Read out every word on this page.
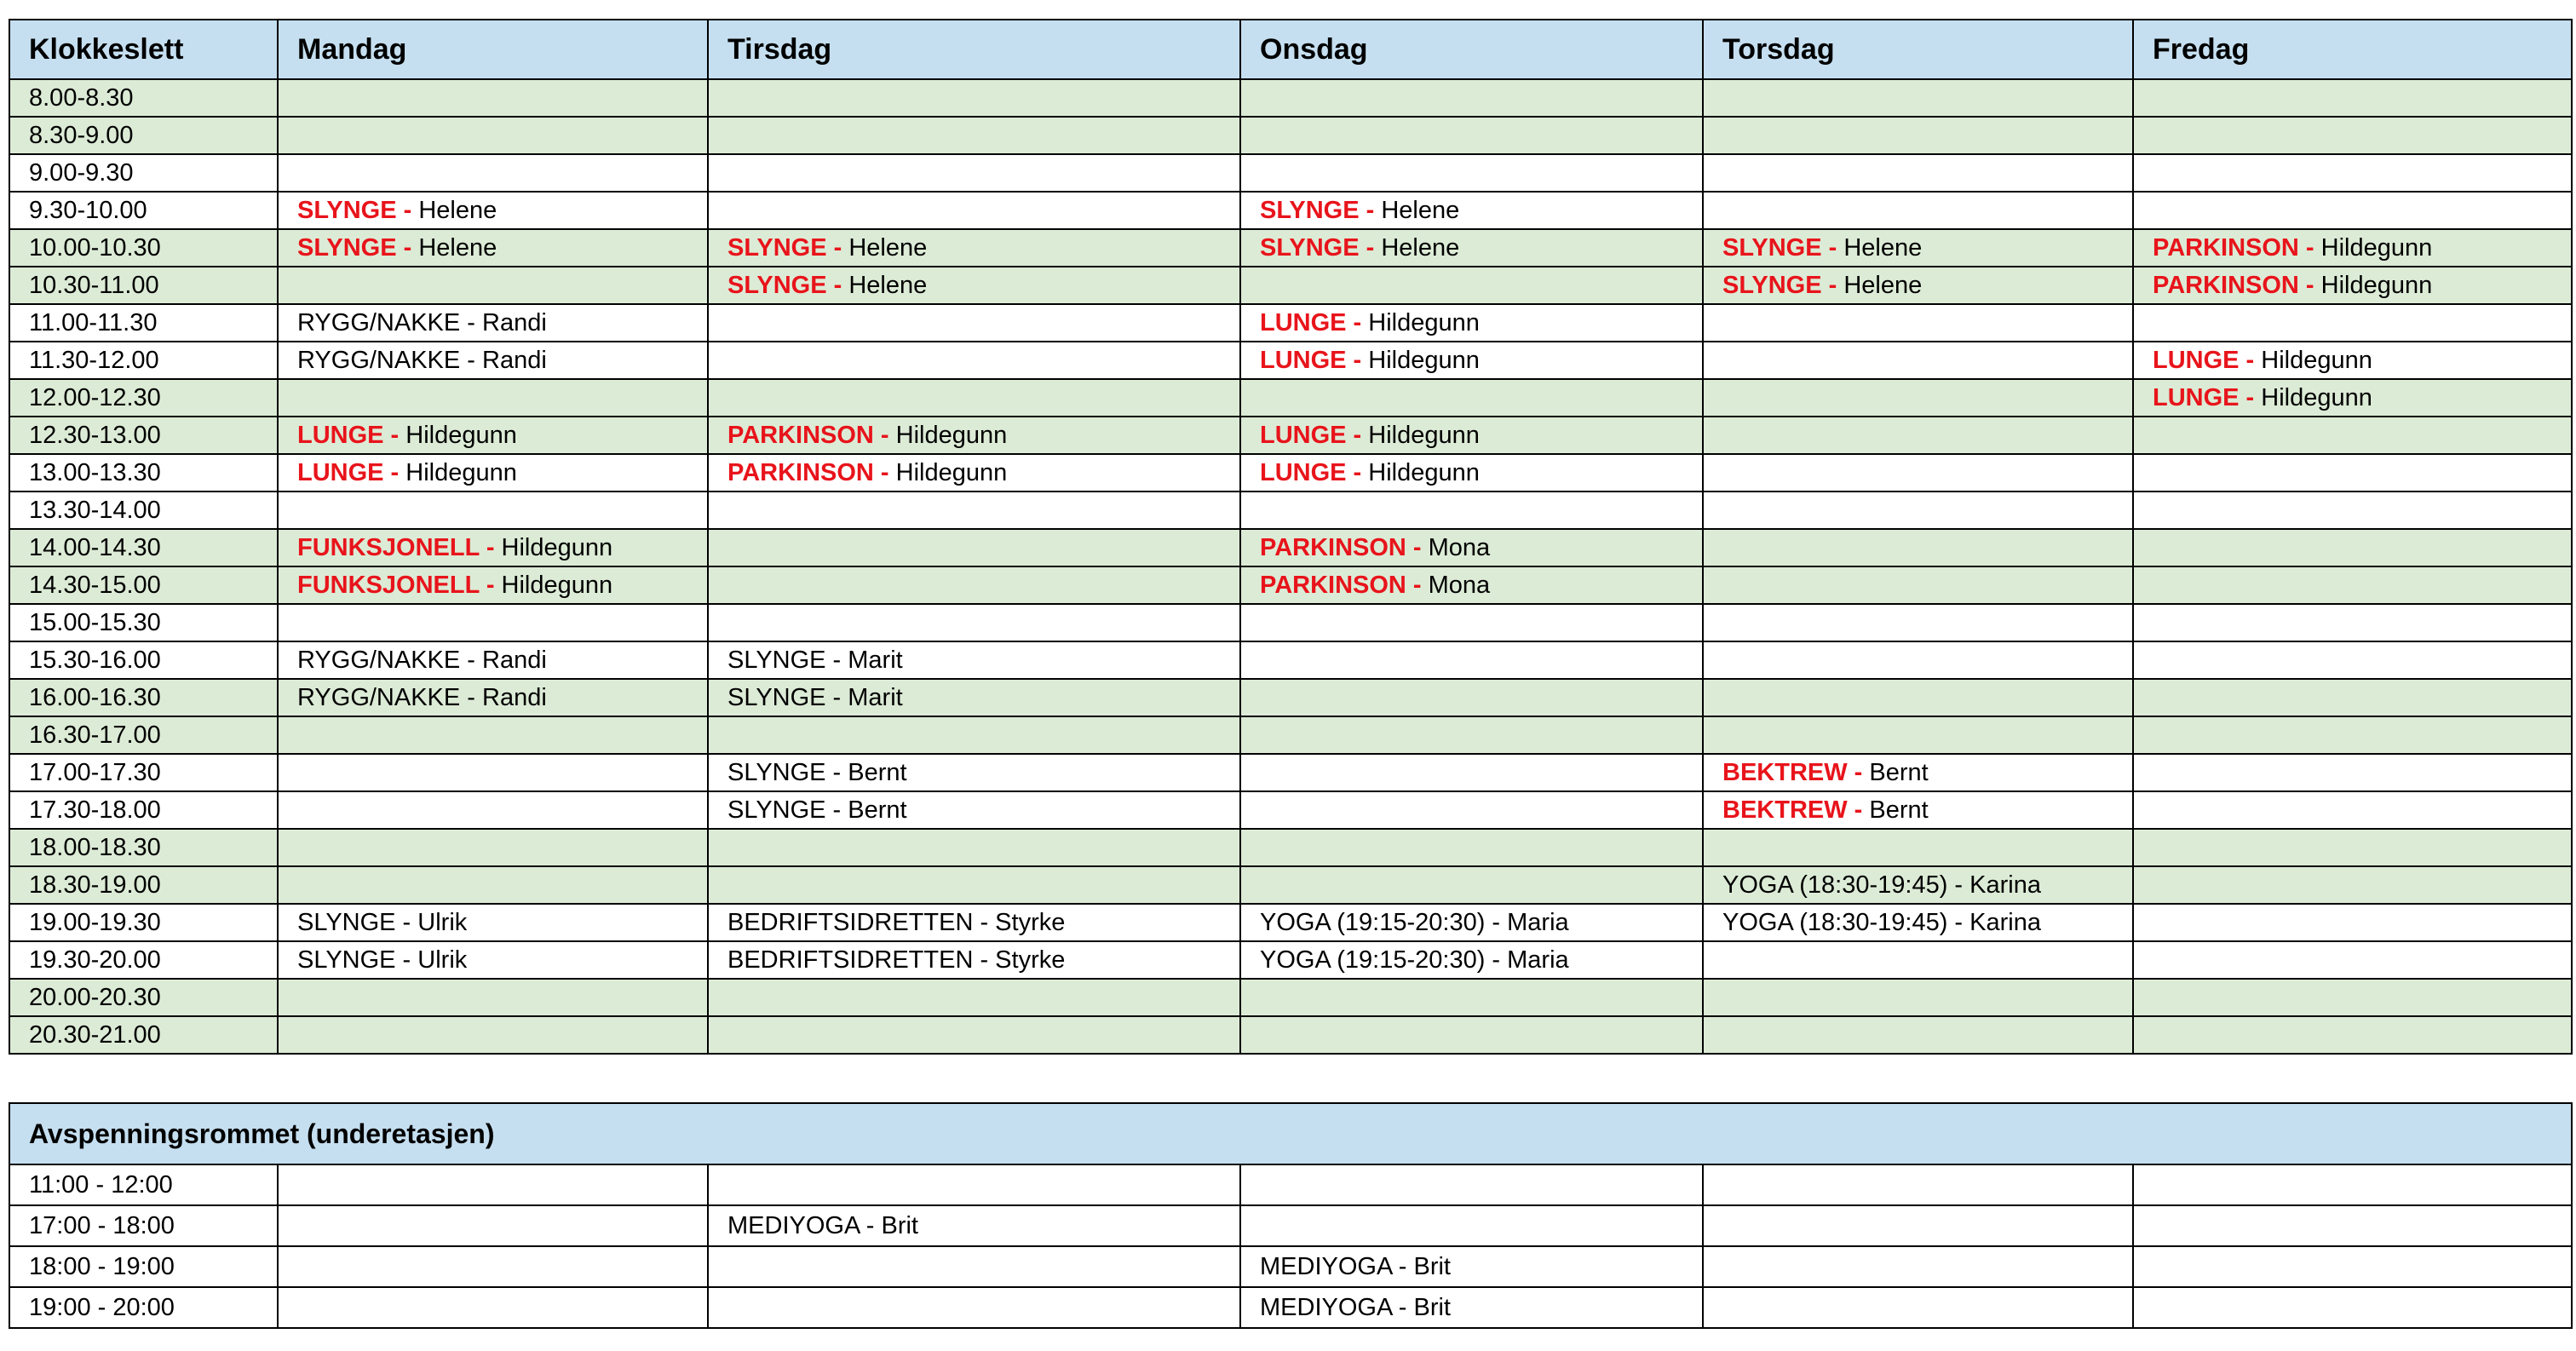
Klokkeslett	Mandag	Tirsdag	Onsdag	Torsdag	Fredag
8.00-8.30					
8.30-9.00					
9.00-9.30					
9.30-10.00	SLYNGE - Helene		SLYNGE - Helene		
10.00-10.30	SLYNGE - Helene	SLYNGE - Helene	SLYNGE - Helene	SLYNGE - Helene	PARKINSON - Hildegunn
10.30-11.00		SLYNGE - Helene		SLYNGE - Helene	PARKINSON - Hildegunn
11.00-11.30	RYGG/NAKKE - Randi		LUNGE - Hildegunn		
11.30-12.00	RYGG/NAKKE - Randi		LUNGE - Hildegunn		LUNGE - Hildegunn
12.00-12.30					LUNGE - Hildegunn
12.30-13.00	LUNGE - Hildegunn	PARKINSON - Hildegunn	LUNGE - Hildegunn		
13.00-13.30	LUNGE - Hildegunn	PARKINSON - Hildegunn	LUNGE - Hildegunn		
13.30-14.00					
14.00-14.30	FUNKSJONELL - Hildegunn		PARKINSON - Mona		
14.30-15.00	FUNKSJONELL - Hildegunn		PARKINSON - Mona		
15.00-15.30					
15.30-16.00	RYGG/NAKKE - Randi	SLYNGE - Marit			
16.00-16.30	RYGG/NAKKE - Randi	SLYNGE - Marit			
16.30-17.00					
17.00-17.30		SLYNGE - Bernt		BEKTREW - Bernt	
17.30-18.00		SLYNGE - Bernt		BEKTREW - Bernt	
18.00-18.30					
18.30-19.00				YOGA (18:30-19:45) - Karina	
19.00-19.30	SLYNGE - Ulrik	BEDRIFTSIDRETTEN - Styrke	YOGA (19:15-20:30) - Maria	YOGA (18:30-19:45) - Karina	
19.30-20.00	SLYNGE - Ulrik	BEDRIFTSIDRETTEN - Styrke	YOGA (19:15-20:30) - Maria		
20.00-20.30					
20.30-21.00					
Avspenningsrommet (underetasjen)					
11:00 - 12:00					
17:00 - 18:00		MEDIYOGA - Brit			
18:00 - 19:00			MEDIYOGA - Brit		
19:00 - 20:00			MEDIYOGA - Brit		
